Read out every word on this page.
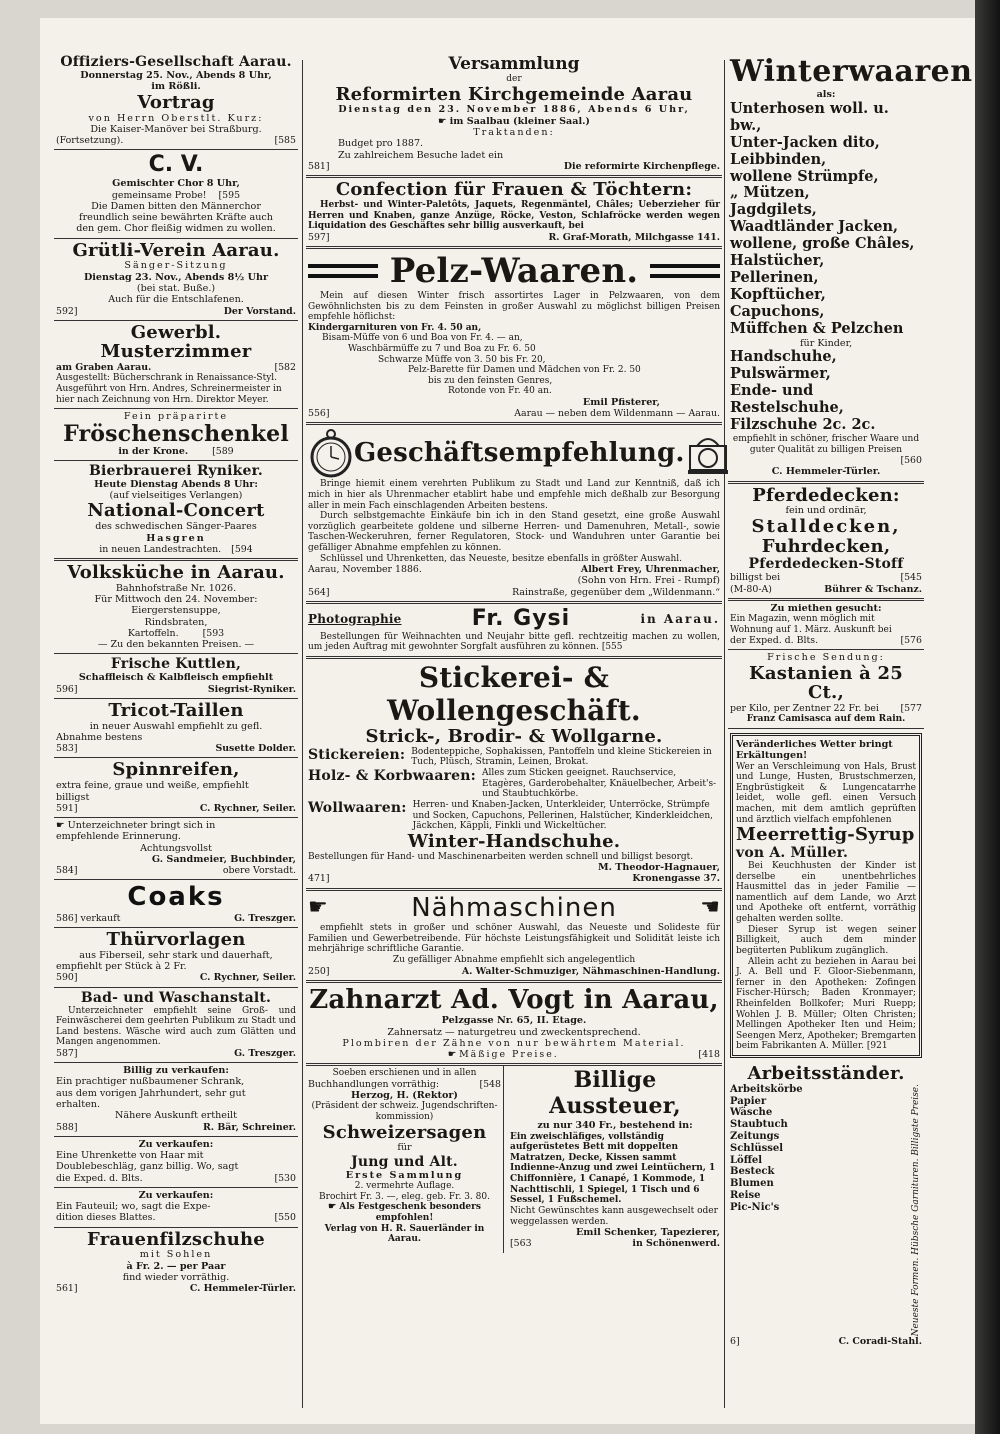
Offiziers-Gesellschaft Aarau.
Donnerstag 25. Nov., Abends 8 Uhr,
im Rößli.
Vortrag
von Herrn Oberstlt. Kurz:
Die Kaiser-Manöver bei Straßburg.
(Fortsetzung).	[585
C. V.
Gemischter Chor 8 Uhr,
gemeinsame Probe! [595
Die Damen bitten den Männerchor
freundlich seine bewährten Kräfte auch
den gem. Chor fleißig widmen zu wollen.
Grütli-Verein Aarau.
Sänger-Sitzung
Dienstag 23. Nov., Abends 8½ Uhr
(bei stat. Buße.)
Auch für die Entschlafenen.
592]	Der Vorstand.
Gewerbl. Musterzimmer
am Graben Aarau.	[582
Ausgestellt: Bücherschrank in Renaissance-Styl. Ausgeführt von Hrn. Andres, Schreinermeister in hier nach Zeichnung von Hrn. Direktor Meyer.
Fein präparirte
Fröschenschenkel
in der Krone.	[589
Bierbrauerei Ryniker.
Heute Dienstag Abends 8 Uhr:
(auf vielseitiges Verlangen)
National-Concert
des schwedischen Sänger-Paares
Hasgren
in neuen Landestrachten. [594
Volksküche in Aarau.
Bahnhofstraße Nr. 1026.
Für Mittwoch den 24. November:
Eiergerstensuppe,
Rindsbraten,
Kartoffeln.	[593
— Zu den bekannten Preisen. —
Frische Kuttlen,
Schaffleisch & Kalbfleisch empfiehlt
596]	Siegrist-Ryniker.
Tricot-Taillen
in neuer Auswahl empfiehlt zu gefl.
Abnahme bestens
583]	Susette Dolder.
Spinnreifen,
extra feine, graue und weiße, empfiehlt
billigst
591]	C. Rychner, Seiler.
☛ Unterzeichneter bringt sich in
empfehlende Erinnerung.
Achtungsvollst
G. Sandmeier, Buchbinder,
584]	obere Vorstadt.
Coaks
586] verkauft	G. Treszger.
Thürvorlagen
aus Fiberseil, sehr stark und dauerhaft,
empfiehlt per Stück à 2 Fr.
590]	C. Rychner, Seiler.
Bad- und Waschanstalt.
Unterzeichneter empfiehlt seine Groß- und Feinwäscherei dem geehrten Publikum zu Stadt und Land bestens. Wäsche wird auch zum Glätten und Mangen angenommen.
587]	G. Treszger.
Billig zu verkaufen:
Ein prachtiger nußbaumener Schrank,
aus dem vorigen Jahrhundert, sehr gut
erhalten.
Nähere Auskunft ertheilt
588]	R. Bär, Schreiner.
Zu verkaufen:
Eine Uhrenkette von Haar mit
Doublebeschläg, ganz billig. Wo, sagt
die Exped. d. Blts.	[530
Zu verkaufen:
Ein Fauteuil; wo, sagt die Expe-
dition dieses Blattes.	[550
Frauenfilzschuhe
mit Sohlen
à Fr. 2. — per Paar
find wieder vorräthig.
561]	C. Hemmeler-Türler.
Versammlung
der
Reformirten Kirchgemeinde Aarau
Dienstag den 23. November 1886, Abends 6 Uhr,
☛ im Saalbau (kleiner Saal.)
Traktanden:
Budget pro 1887.
Zu zahlreichem Besuche ladet ein
581]	Die reformirte Kirchenpflege.
Confection für Frauen & Töchtern:
Herbst- und Winter-Paletôts, Jaquets, Regenmäntel, Châles; Ueberzieher für Herren und Knaben, ganze Anzüge, Röcke, Veston, Schlafröcke werden wegen Liquidation des Geschäftes sehr billig ausverkauft, bei
597]	R. Graf-Morath, Milchgasse 141.
Pelz-Waaren.
Mein auf diesen Winter frisch assortirtes Lager in Pelzwaaren, von dem Gewöhnlichsten bis zu dem Feinsten in großer Auswahl zu möglichst billigen Preisen empfehle höflichst:
Kindergarnituren von Fr. 4. 50 an,
Bisam-Müffe von 6 und Boa von Fr. 4. — an,
Waschbärmüffe zu 7 und Boa zu Fr. 6. 50
Schwarze Müffe von 3. 50 bis Fr. 20,
Pelz-Barette für Damen und Mädchen von Fr. 2. 50
bis zu den feinsten Genres,
Rotonde von Fr. 40 an.
Emil Pfisterer,
556]	Aarau — neben dem Wildenmann — Aarau.
Geschäftsempfehlung.
Bringe hiemit einem verehrten Publikum zu Stadt und Land zur Kenntniß, daß ich mich in hier als Uhrenmacher etablirt habe und empfehle mich deßhalb zur Besorgung aller in mein Fach einschlagenden Arbeiten bestens.
Durch selbstgemachte Einkäufe bin ich in den Stand gesetzt, eine große Auswahl vorzüglich gearbeitete goldene und silberne Herren- und Damenuhren, Metall-, sowie Taschen-Weckeruhren, ferner Regulatoren, Stock- und Wanduhren unter Garantie bei gefälliger Abnahme empfehlen zu können.
Schlüssel und Uhrenketten, das Neueste, besitze ebenfalls in größter Auswahl.
Aarau, November 1886.	Albert Frey, Uhrenmacher,
(Sohn von Hrn. Frei - Rumpf)
564]	Rainstraße, gegenüber dem „Wildenmann.“
Photographie	Fr. Gysi	in Aarau.
Bestellungen für Weihnachten und Neujahr bitte gefl. rechtzeitig machen zu wollen, um jeden Auftrag mit gewohnter Sorgfalt ausführen zu können. [555
Stickerei- & Wollengeschäft.
Strick-, Brodir- & Wollgarne.
Stickereien: Bodenteppiche, Sophakissen, Pantoffeln und kleine Stickereien in Tuch, Plüsch, Stramin, Leinen, Brokat.
Holz- & Korbwaaren: Alles zum Sticken geeignet. Rauchservice, Etagères, Garderobehalter, Knäuelbecher, Arbeit's- und Staubtuchkörbe.
Wollwaaren: Herren- und Knaben-Jacken, Unterkleider, Unterröcke, Strümpfe und Socken, Capuchons, Pellerinen, Halstücher, Kinderkleidchen, Jäckchen, Käppli, Finkli und Wickeltücher.
Winter-Handschuhe.
Bestellungen für Hand- und Maschinenarbeiten werden schnell und billigst besorgt.
M. Theodor-Hagnauer,
471]	Kronengasse 37.
☛	Nähmaschinen	☚
empfiehlt stets in großer und schöner Auswahl, das Neueste und Solideste für Familien und Gewerbetreibende. Für höchste Leistungsfähigkeit und Solidität leiste ich mehrjährige schriftliche Garantie.
Zu gefälliger Abnahme empfiehlt sich angelegentlich
250]	A. Walter-Schmuziger, Nähmaschinen-Handlung.
Zahnarzt Ad. Vogt in Aarau,
Pelzgasse Nr. 65, II. Etage.
Zahnersatz — naturgetreu und zweckentsprechend.
Plombiren der Zähne von nur bewährtem Material.
☛ Mäßige Preise.	[418
Soeben erschienen und in allen
Buchhandlungen vorräthig:	[548
Herzog, H. (Rektor)
(Präsident der schweiz. Jugendschriften-
kommission)
Schweizersagen
für
Jung und Alt.
Erste Sammlung
2. vermehrte Auflage.
Brochirt Fr. 3. —, eleg. geb. Fr. 3. 80.
☛ Als Festgeschenk besonders empfohlen!
Verlag von H. R. Sauerländer in Aarau.
Billige Aussteuer,
zu nur 340 Fr., bestehend in:
Ein zweischläfiges, vollständig aufgerüstetes Bett mit doppelten Matratzen, Decke, Kissen sammt Indienne-Anzug und zwei Leintüchern, 1 Chiffonnière, 1 Canapé, 1 Kommode, 1 Nachttischli, 1 Spiegel, 1 Tisch und 6 Sessel, 1 Fußschemel.
Nicht Gewünschtes kann ausgewechselt oder weggelassen werden.
Emil Schenker, Tapezierer,
[563	in Schönenwerd.
Winterwaaren
als:
Unterhosen woll. u. bw.,
Unter-Jacken dito,
Leibbinden,
wollene Strümpfe,
„ Mützen,
Jagdgilets,
Waadtländer Jacken,
wollene, große Châles,
Halstücher,
Pellerinen,
Kopftücher,
Capuchons,
Müffchen & Pelzchen
für Kinder,
Handschuhe,
Pulswärmer,
Ende- und Restelschuhe,
Filzschuhe 2c. 2c.
empfiehlt in schöner, frischer Waare und guter Qualität zu billigen Preisen
[560
C. Hemmeler-Türler.
Pferdedecken:
fein und ordinär,
Stalldecken,
Fuhrdecken,
Pferdedecken-Stoff
billigst bei	[545
(M-80-A)	Bührer & Tschanz.
Zu miethen gesucht:
Ein Magazin, wenn möglich mit
Wohnung auf 1. März. Auskunft bei
der Exped. d. Blts.	[576
Frische Sendung:
Kastanien à 25 Ct.,
per Kilo, per Zentner 22 Fr. bei [577
Franz Camisasca auf dem Rain.
Veränderliches Wetter bringt Erkältungen!
Wer an Verschleimung von Hals, Brust und Lunge, Husten, Brustschmerzen, Engbrüstigkeit & Lungencatarrhe leidet, wolle gefl. einen Versuch machen, mit dem amtlich geprüften und ärztlich vielfach empfohlenen
Meerrettig-Syrup
von A. Müller.
Bei Keuchhusten der Kinder ist derselbe ein unentbehrliches Hausmittel das in jeder Familie — namentlich auf dem Lande, wo Arzt und Apotheke oft entfernt, vorräthig gehalten werden sollte.
Dieser Syrup ist wegen seiner Billigkeit, auch dem minder begüterten Publikum zugänglich.
Allein acht zu beziehen in Aarau bei J. A. Bell und F. Gloor-Siebenmann, ferner in den Apotheken: Zofingen Fischer-Hürsch; Baden Kronmayer; Rheinfelden Bollkofer; Muri Ruepp; Wohlen J. B. Müller; Olten Christen; Mellingen Apotheker Iten und Heim; Seengen Merz, Apotheker; Bremgarten beim Fabrikanten A. Müller. [921
Arbeitsständer.
Arbeitskörbe
Papier
Wäsche
Staubtuch
Zeitungs
Schlüssel
Löffel
Besteck
Blumen
Reise
Pic-Nic's	Neueste Formen. Hübsche Garnituren. Billigste Preise.
6]	C. Coradi-Stahl.
